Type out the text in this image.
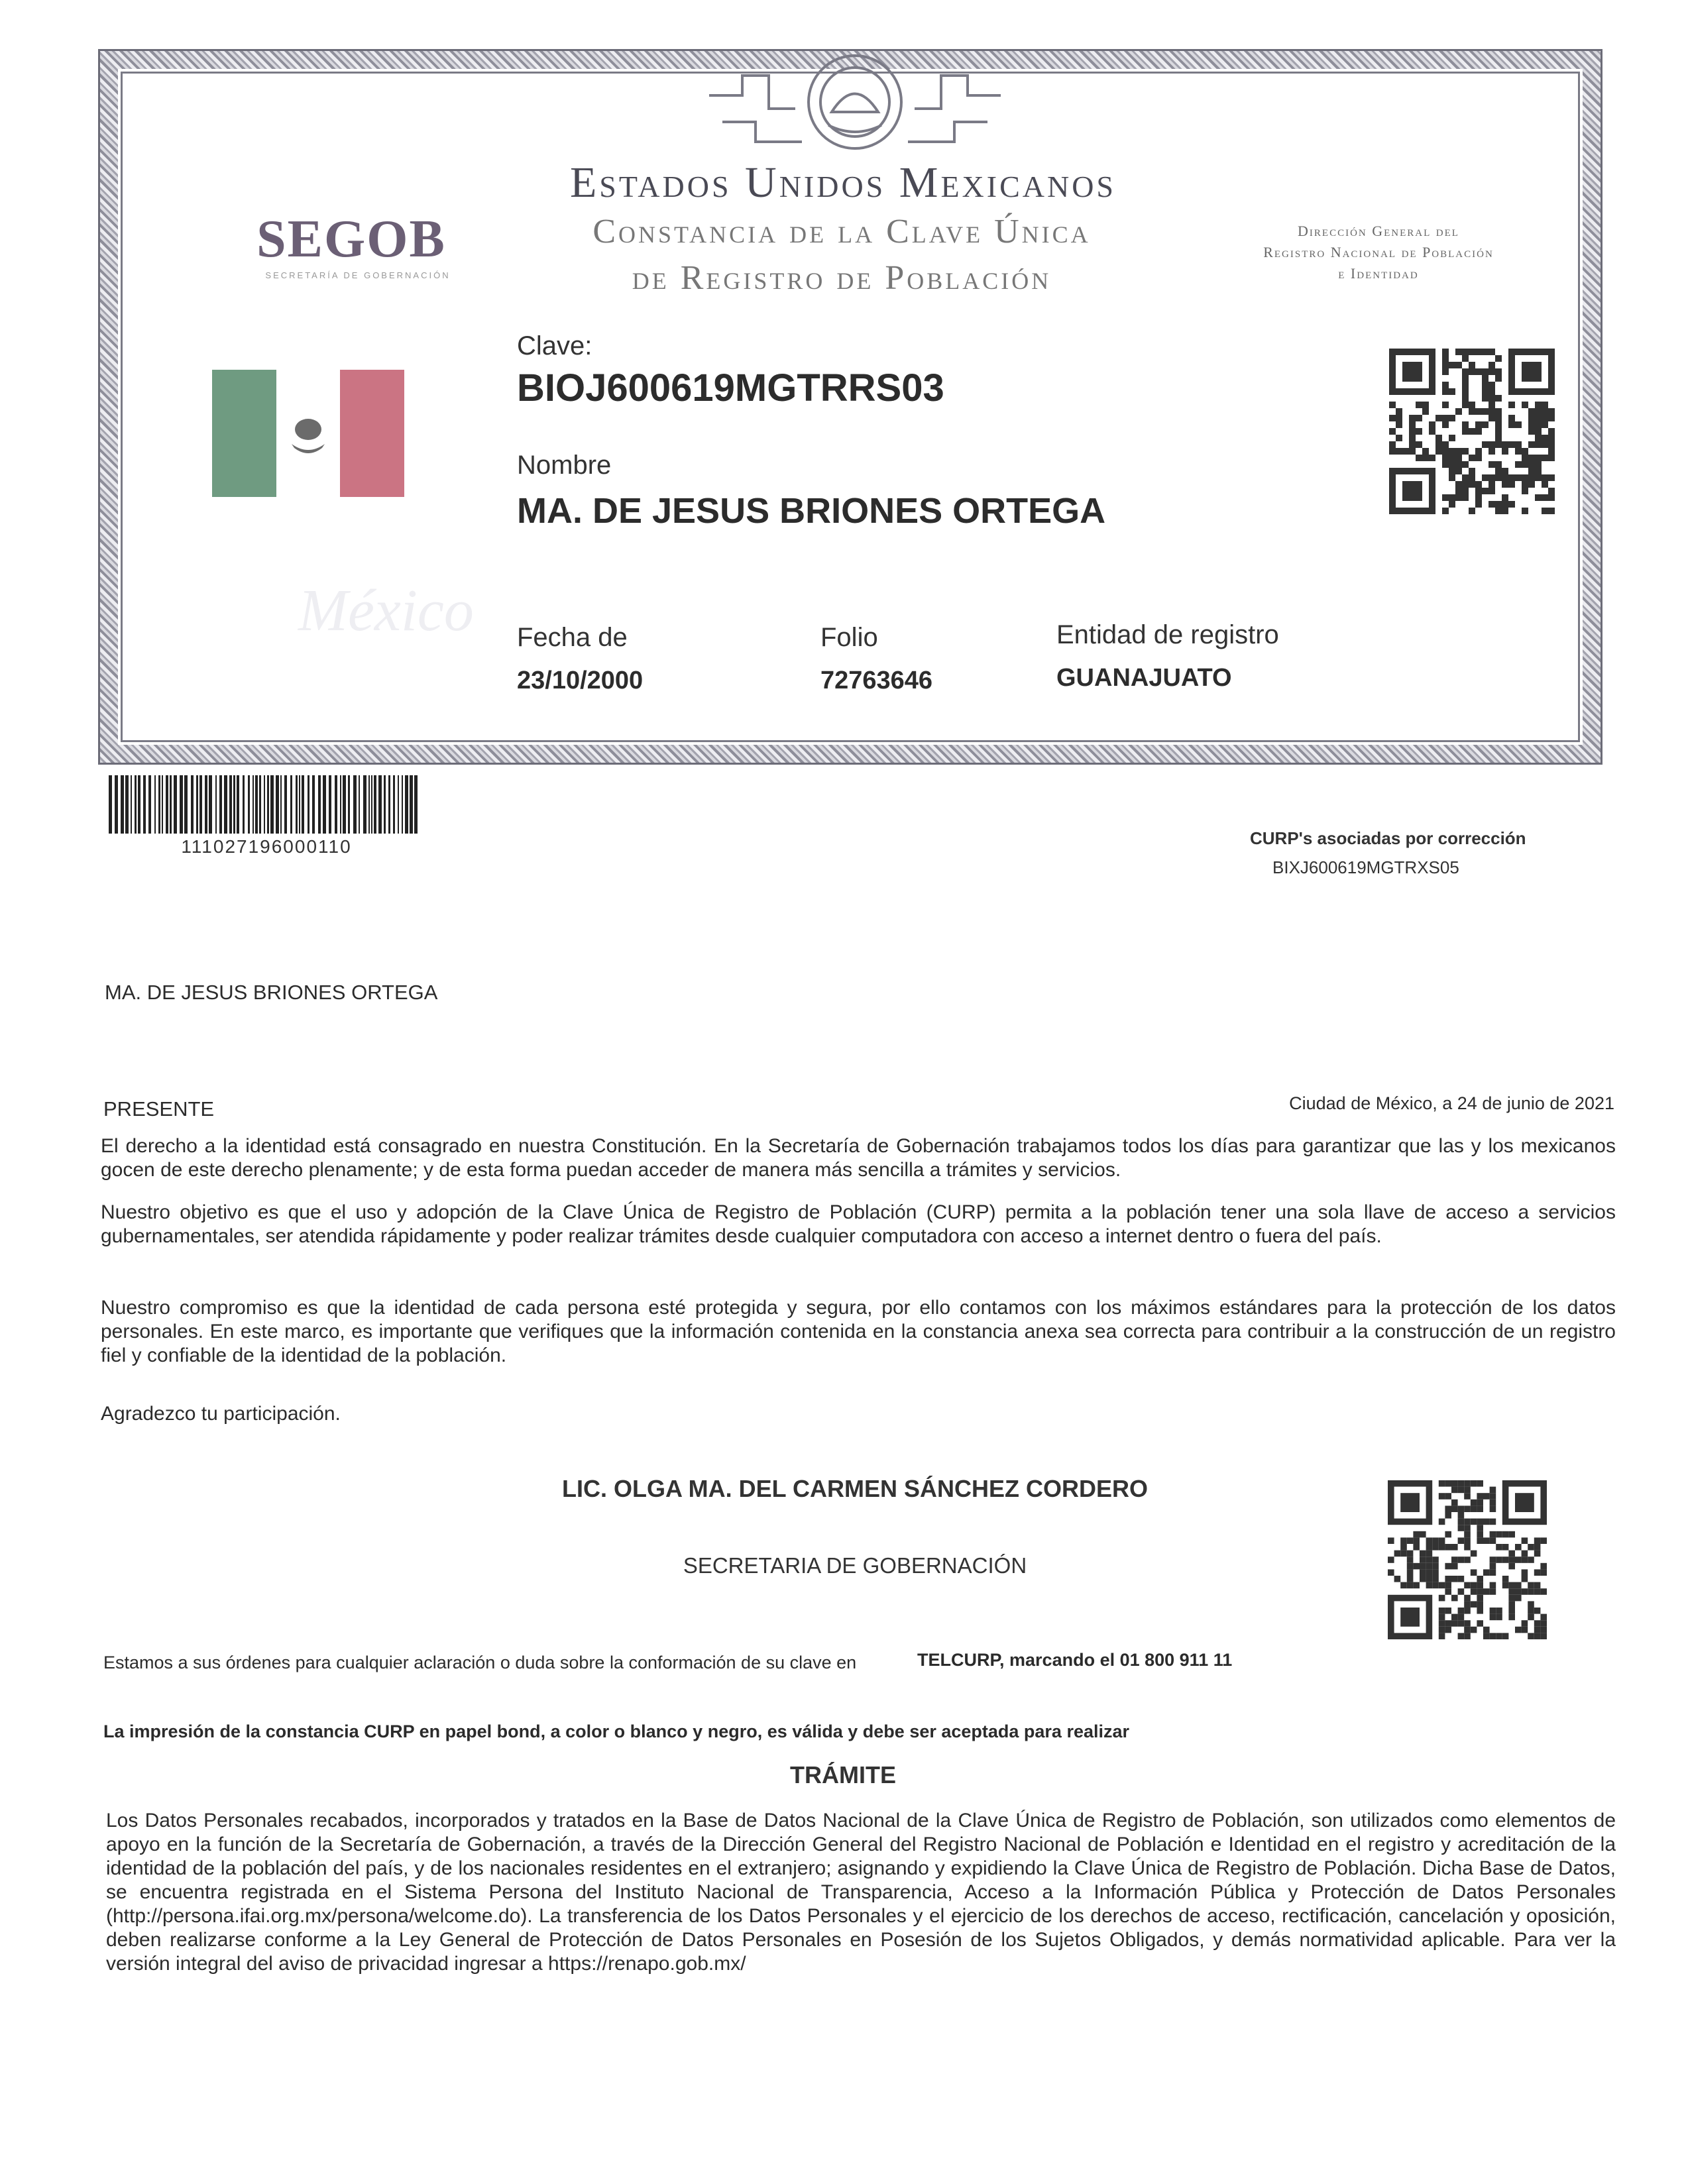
Estados Unidos Mexicanos
Constancia de la Clave Única
de Registro de Población
SEGOB
SECRETARÍA DE GOBERNACIÓN
Dirección General del
Registro Nacional de Población
e Identidad
México
Clave:
BIOJ600619MGTRRS03
Nombre
MA. DE JESUS BRIONES ORTEGA
Fecha de
23/10/2000
Folio
72763646
Entidad de registro
GUANAJUATO
111027196000110	CURP's asociadas por corrección
BIXJ600619MGTRXS05
MA. DE JESUS BRIONES ORTEGA
PRESENTE	Ciudad de México, a 24 de junio de 2021
El derecho a la identidad está consagrado en nuestra Constitución. En la Secretaría de Gobernación trabajamos todos los días para garantizar que las y los mexicanos gocen de este derecho plenamente; y de esta forma puedan acceder de manera más sencilla a trámites y servicios.
Nuestro objetivo es que el uso y adopción de la Clave Única de Registro de Población (CURP) permita a la población tener una sola llave de acceso a servicios gubernamentales, ser atendida rápidamente y poder realizar trámites desde cualquier computadora con acceso a internet dentro o fuera del país.
Nuestro compromiso es que la identidad de cada persona esté protegida y segura, por ello contamos con los máximos estándares para la protección de los datos personales. En este marco, es importante que verifiques que la información contenida en la constancia anexa sea correcta para contribuir a la construcción de un registro fiel y confiable de la identidad de la población.
Agradezco tu participación.
LIC. OLGA MA. DEL CARMEN SÁNCHEZ CORDERO
SECRETARIA DE GOBERNACIÓN
Estamos a sus órdenes para cualquier aclaración o duda sobre la conformación de su clave en	TELCURP, marcando el 01 800 911 11
La impresión de la constancia CURP en papel bond, a color o blanco y negro, es válida y debe ser aceptada para realizar
TRÁMITE
Los Datos Personales recabados, incorporados y tratados en la Base de Datos Nacional de la Clave Única de Registro de Población, son utilizados como elementos de apoyo en la función de la Secretaría de Gobernación, a través de la Dirección General del Registro Nacional de Población e Identidad en el registro y acreditación de la identidad de la población del país, y de los nacionales residentes en el extranjero; asignando y expidiendo la Clave Única de Registro de Población. Dicha Base de Datos, se encuentra registrada en el Sistema Persona del Instituto Nacional de Transparencia, Acceso a la Información Pública y Protección de Datos Personales (http://persona.ifai.org.mx/persona/welcome.do). La transferencia de los Datos Personales y el ejercicio de los derechos de acceso, rectificación, cancelación y oposición, deben realizarse conforme a la Ley General de Protección de Datos Personales en Posesión de los Sujetos Obligados, y demás normatividad aplicable. Para ver la versión integral del aviso de privacidad ingresar a https://renapo.gob.mx/
